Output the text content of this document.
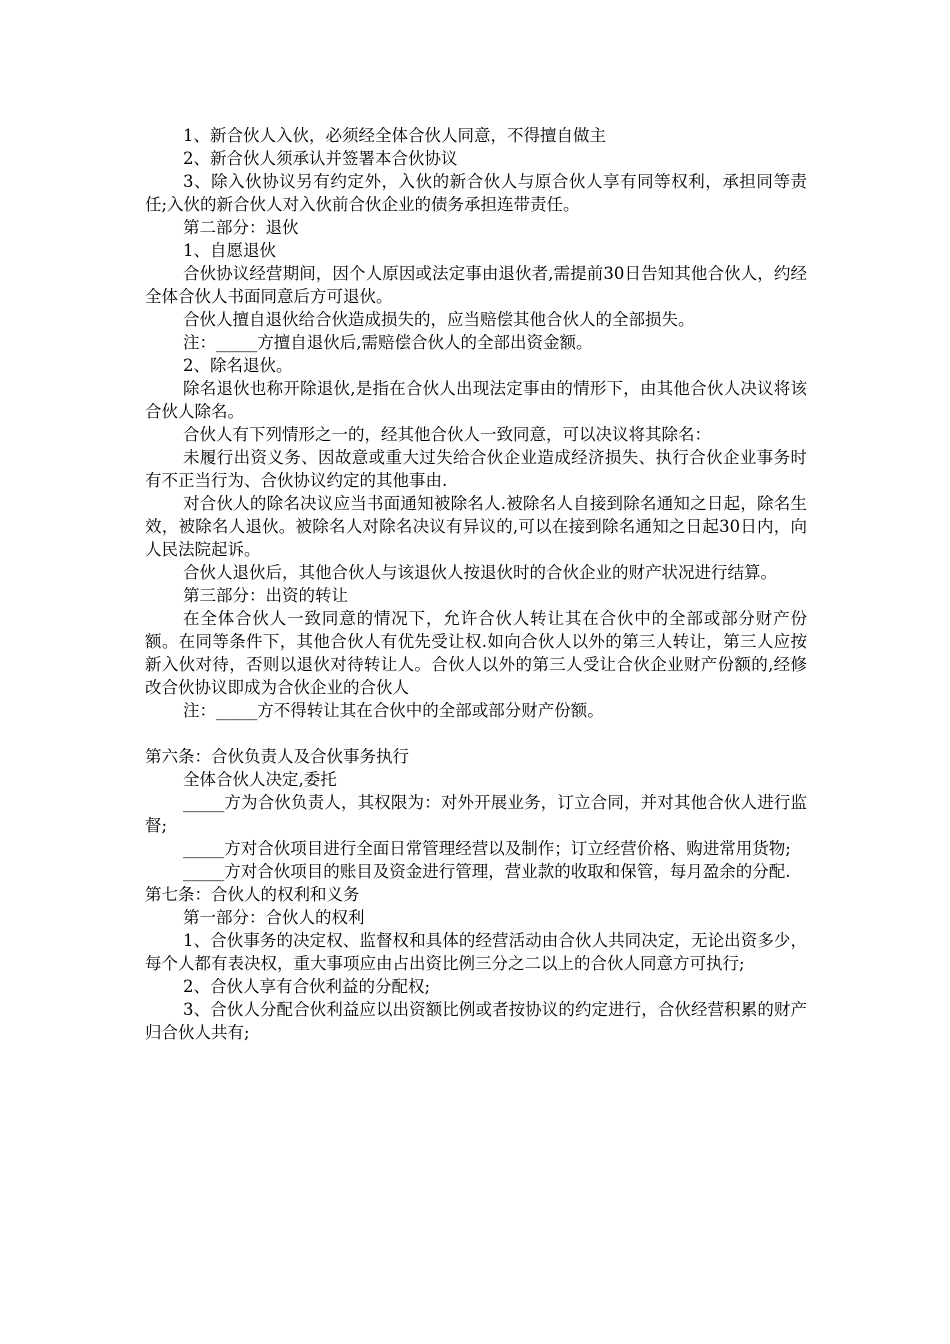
1、新合伙人入伙，必须经全体合伙人同意，不得擅自做主

2、新合伙人须承认并签署本合伙协议

3、除入伙协议另有约定外，入伙的新合伙人与原合伙人享有同等权利，承担同等责任;入伙的新合伙人对入伙前合伙企业的债务承担连带责任。

第二部分：退伙

1、自愿退伙

合伙协议经营期间，因个人原因或法定事由退伙者,需提前30日告知其他合伙人，约经全体合伙人书面同意后方可退伙。

合伙人擅自退伙给合伙造成损失的，应当赔偿其他合伙人的全部损失。

注：_____方擅自退伙后,需赔偿合伙人的全部出资金额。

2、除名退伙。

除名退伙也称开除退伙,是指在合伙人出现法定事由的情形下，由其他合伙人决议将该合伙人除名。

合伙人有下列情形之一的，经其他合伙人一致同意，可以决议将其除名：

未履行出资义务、因故意或重大过失给合伙企业造成经济损失、执行合伙企业事务时有不正当行为、合伙协议约定的其他事由.

对合伙人的除名决议应当书面通知被除名人.被除名人自接到除名通知之日起，除名生效，被除名人退伙。被除名人对除名决议有异议的,可以在接到除名通知之日起30日内，向人民法院起诉。

合伙人退伙后，其他合伙人与该退伙人按退伙时的合伙企业的财产状况进行结算。

第三部分：出资的转让

在全体合伙人一致同意的情况下，允许合伙人转让其在合伙中的全部或部分财产份额。在同等条件下，其他合伙人有优先受让权.如向合伙人以外的第三人转让，第三人应按新入伙对待，否则以退伙对待转让人。合伙人以外的第三人受让合伙企业财产份额的,经修改合伙协议即成为合伙企业的合伙人

注：_____方不得转让其在合伙中的全部或部分财产份额。

第六条：合伙负责人及合伙事务执行

全体合伙人决定,委托

_____方为合伙负责人，其权限为：对外开展业务，订立合同，并对其他合伙人进行监督;

_____方对合伙项目进行全面日常管理经营以及制作；订立经营价格、购进常用货物;

_____方对合伙项目的账目及资金进行管理，营业款的收取和保管，每月盈余的分配.

第七条：合伙人的权利和义务

第一部分：合伙人的权利

1、合伙事务的决定权、监督权和具体的经营活动由合伙人共同决定，无论出资多少，每个人都有表决权，重大事项应由占出资比例三分之二以上的合伙人同意方可执行;

2、合伙人享有合伙利益的分配权;

3、合伙人分配合伙利益应以出资额比例或者按协议的约定进行，合伙经营积累的财产归合伙人共有;
